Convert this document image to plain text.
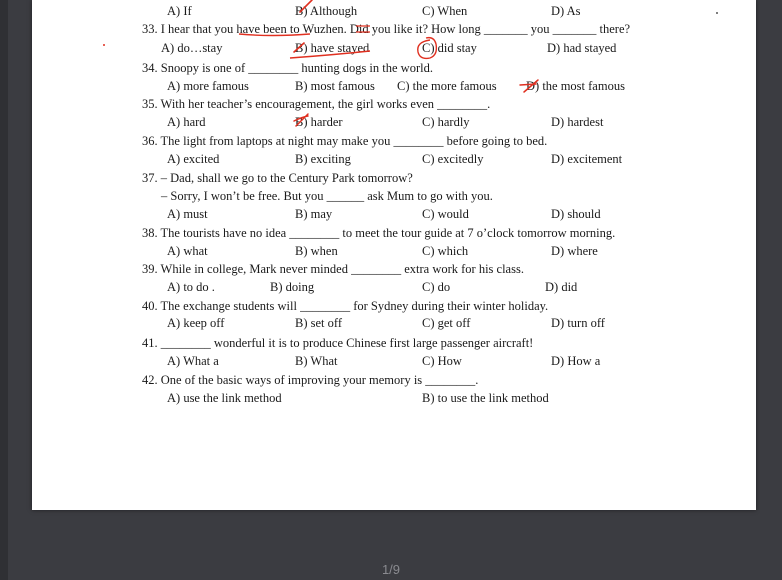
A) If	B) Although	C) When	D) As
33. I hear that you have been to Wuzhen. Did you like it? How long _______ you _______ there?
A) do…stay	B) have stayed	C) did stay	D) had stayed
34. Snoopy is one of ________ hunting dogs in the world.
A) more famous	B) most famous C) the more famous D) the most famous
35. With her teacher’s encouragement, the girl works even ________.
A) hard	B) harder	C) hardly	D) hardest
36. The light from laptops at night may make you ________ before going to bed.
A) excited	B) exciting	C) excitedly	D) excitement
37. – Dad, shall we go to the Century Park tomorrow?
– Sorry, I won’t be free. But you ______ ask Mum to go with you.
A) must	B) may	C) would	D) should
38. The tourists have no idea ________ to meet the tour guide at 7 o’clock tomorrow morning.
A) what	B) when	C) which	D) where
39. While in college, Mark never minded ________ extra work for his class.
A) to do .	B) doing	C) do	D) did
40. The exchange students will ________ for Sydney during their winter holiday.
A) keep off	B) set off	C) get off	D) turn off
41. ________ wonderful it is to produce Chinese first large passenger aircraft!
A) What a	B) What	C) How	D) How a
42. One of the basic ways of improving your memory is ________.
A) use the link method	B) to use the link method
1/9
